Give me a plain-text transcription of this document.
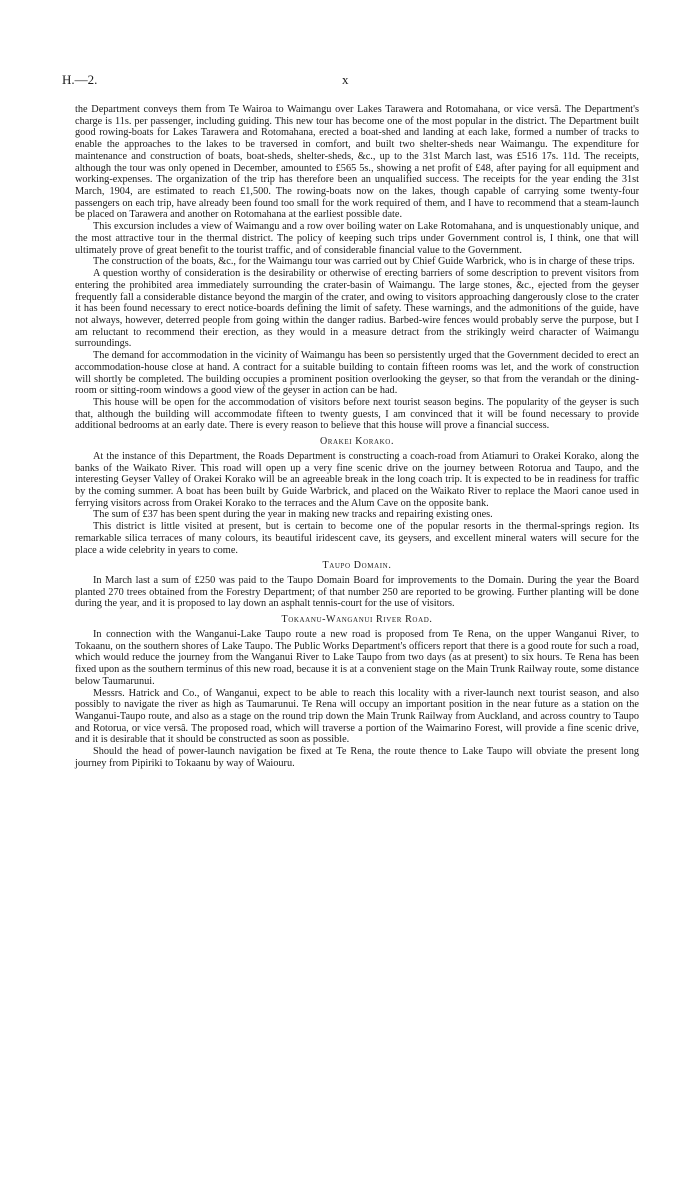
H.—2.	x

the Department conveys them from Te Wairoa to Waimangu over Lakes Tarawera and Rotomahana, or vice versâ. The Department's charge is 11s. per passenger, including guiding. This new tour has become one of the most popular in the district. The Department built good rowing-boats for Lakes Tarawera and Rotomahana, erected a boat-shed and landing at each lake, formed a number of tracks to enable the approaches to the lakes to be traversed in comfort, and built two shelter-sheds near Waimangu. The expenditure for maintenance and construction of boats, boat-sheds, shelter-sheds, &c., up to the 31st March last, was £516 17s. 11d. The receipts, although the tour was only opened in December, amounted to £565 5s., showing a net profit of £48, after paying for all equipment and working-expenses. The organization of the trip has therefore been an unqualified success. The receipts for the year ending the 31st March, 1904, are estimated to reach £1,500. The rowing-boats now on the lakes, though capable of carrying some twenty-four passengers on each trip, have already been found too small for the work required of them, and I have to recommend that a steam-launch be placed on Tarawera and another on Rotomahana at the earliest possible date.

This excursion includes a view of Waimangu and a row over boiling water on Lake Rotomahana, and is unquestionably unique, and the most attractive tour in the thermal district. The policy of keeping such trips under Government control is, I think, one that will ultimately prove of great benefit to the tourist traffic, and of considerable financial value to the Government.

The construction of the boats, &c., for the Waimangu tour was carried out by Chief Guide Warbrick, who is in charge of these trips.

A question worthy of consideration is the desirability or otherwise of erecting barriers of some description to prevent visitors from entering the prohibited area immediately surrounding the crater-basin of Waimangu. The large stones, &c., ejected from the geyser frequently fall a considerable distance beyond the margin of the crater, and owing to visitors approaching dangerously close to the crater it has been found necessary to erect notice-boards defining the limit of safety. These warnings, and the admonitions of the guide, have not always, however, deterred people from going within the danger radius. Barbed-wire fences would probably serve the purpose, but I am reluctant to recommend their erection, as they would in a measure detract from the strikingly weird character of Waimangu surroundings.

The demand for accommodation in the vicinity of Waimangu has been so persistently urged that the Government decided to erect an accommodation-house close at hand. A contract for a suitable building to contain fifteen rooms was let, and the work of construction will shortly be completed. The building occupies a prominent position overlooking the geyser, so that from the verandah or the dining-room or sitting-room windows a good view of the geyser in action can be had.

This house will be open for the accommodation of visitors before next tourist season begins. The popularity of the geyser is such that, although the building will accommodate fifteen to twenty guests, I am convinced that it will be found necessary to provide additional bedrooms at an early date. There is every reason to believe that this house will prove a financial success.

Orakei Korako.

At the instance of this Department, the Roads Department is constructing a coach-road from Atiamuri to Orakei Korako, along the banks of the Waikato River. This road will open up a very fine scenic drive on the journey between Rotorua and Taupo, and the interesting Geyser Valley of Orakei Korako will be an agreeable break in the long coach trip. It is expected to be in readiness for traffic by the coming summer. A boat has been built by Guide Warbrick, and placed on the Waikato River to replace the Maori canoe used in ferrying visitors across from Orakei Korako to the terraces and the Alum Cave on the opposite bank.

The sum of £37 has been spent during the year in making new tracks and repairing existing ones.

This district is little visited at present, but is certain to become one of the popular resorts in the thermal-springs region. Its remarkable silica terraces of many colours, its beautiful iridescent cave, its geysers, and excellent mineral waters will secure for the place a wide celebrity in years to come.

Taupo Domain.

In March last a sum of £250 was paid to the Taupo Domain Board for improvements to the Domain. During the year the Board planted 270 trees obtained from the Forestry Department; of that number 250 are reported to be growing. Further planting will be done during the year, and it is proposed to lay down an asphalt tennis-court for the use of visitors.

Tokaanu-Wanganui River Road.

In connection with the Wanganui-Lake Taupo route a new road is proposed from Te Rena, on the upper Wanganui River, to Tokaanu, on the southern shores of Lake Taupo. The Public Works Department's officers report that there is a good route for such a road, which would reduce the journey from the Wanganui River to Lake Taupo from two days (as at present) to six hours. Te Rena has been fixed upon as the southern terminus of this new road, because it is at a convenient stage on the Main Trunk Railway route, some distance below Taumarunui.

Messrs. Hatrick and Co., of Wanganui, expect to be able to reach this locality with a river-launch next tourist season, and also possibly to navigate the river as high as Taumarunui. Te Rena will occupy an important position in the near future as a station on the Wanganui-Taupo route, and also as a stage on the round trip down the Main Trunk Railway from Auckland, and across country to Taupo and Rotorua, or vice versâ. The proposed road, which will traverse a portion of the Waimarino Forest, will provide a fine scenic drive, and it is desirable that it should be constructed as soon as possible.

Should the head of power-launch navigation be fixed at Te Rena, the route thence to Lake Taupo will obviate the present long journey from Pipiriki to Tokaanu by way of Waiouru.
